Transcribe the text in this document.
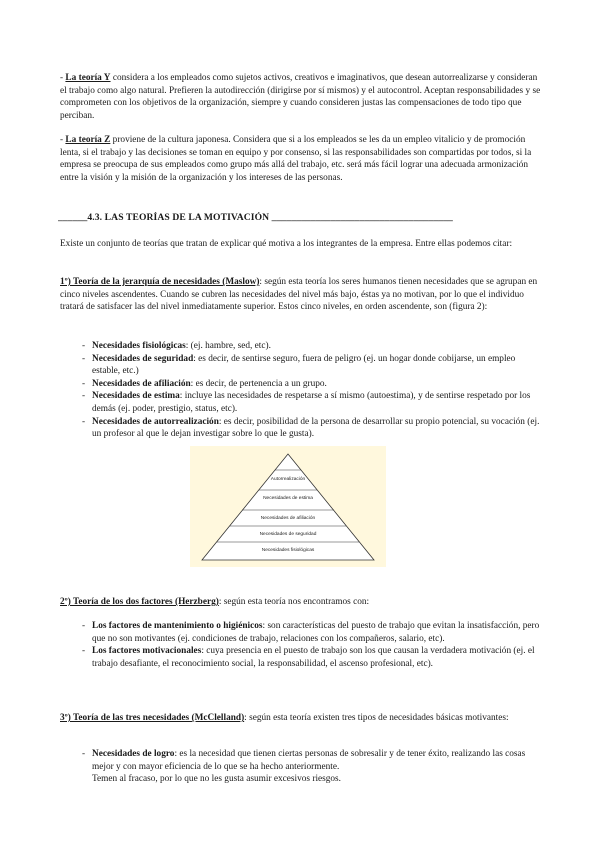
- La teoría Y considera a los empleados como sujetos activos, creativos e imaginativos, que desean autorrealizarse y consideran el trabajo como algo natural. Prefieren la autodirección (dirigirse por sí mismos) y el autocontrol. Aceptan responsabilidades y se comprometen con los objetivos de la organización, siempre y cuando consideren justas las compensaciones de todo tipo que perciban.

- La teoría Z proviene de la cultura japonesa. Considera que si a los empleados se les da un empleo vitalicio y de promoción lenta, si el trabajo y las decisiones se toman en equipo y por consenso, si las responsabilidades son compartidas por todos, si la empresa se preocupa de sus empleados como grupo más allá del trabajo, etc. será más fácil lograr una adecuada armonización entre la visión y la misión de la organización y los intereses de las personas.

______4.3. LAS TEORÍAS DE LA MOTIVACIÓN _____________________________________

Existe un conjunto de teorías que tratan de explicar qué motiva a los integrantes de la empresa. Entre ellas podemos citar:

1º) Teoría de la jerarquía de necesidades (Maslow): según esta teoría los seres humanos tienen necesidades que se agrupan en cinco niveles ascendentes. Cuando se cubren las necesidades del nivel más bajo, éstas ya no motivan, por lo que el individuo tratará de satisfacer las del nivel inmediatamente superior. Estos cinco niveles, en orden ascendente, son (figura 2):

- Necesidades fisiológicas: (ej. hambre, sed, etc).
- Necesidades de seguridad: es decir, de sentirse seguro, fuera de peligro (ej. un hogar donde cobijarse, un empleo estable, etc.)
- Necesidades de afiliación: es decir, de pertenencia a un grupo.
- Necesidades de estima: incluye las necesidades de respetarse a sí mismo (autoestima), y de sentirse respetado por los demás (ej. poder, prestigio, status, etc).
- Necesidades de autorrealización: es decir, posibilidad de la persona de desarrollar su propio potencial, su vocación (ej. un profesor al que le dejan investigar sobre lo que le gusta).
Autorrealización
Necesidades de estima
Necesidades de afiliación
Necesidades de seguridad
Necesidades fisiológicas

2º) Teoría de los dos factores (Herzberg): según esta teoría nos encontramos con:

- Los factores de mantenimiento o higiénicos: son características del puesto de trabajo que evitan la insatisfacción, pero que no son motivantes (ej. condiciones de trabajo, relaciones con los compañeros, salario, etc).
- Los factores motivacionales: cuya presencia en el puesto de trabajo son los que causan la verdadera motivación (ej. el trabajo desafiante, el reconocimiento social, la responsabilidad, el ascenso profesional, etc).

3º) Teoría de las tres necesidades (McClelland): según esta teoría existen tres tipos de necesidades básicas motivantes:

- Necesidades de logro: es la necesidad que tienen ciertas personas de sobresalir y de tener éxito, realizando las cosas mejor y con mayor eficiencia de lo que se ha hecho anteriormente.
Temen al fracaso, por lo que no les gusta asumir excesivos riesgos.
